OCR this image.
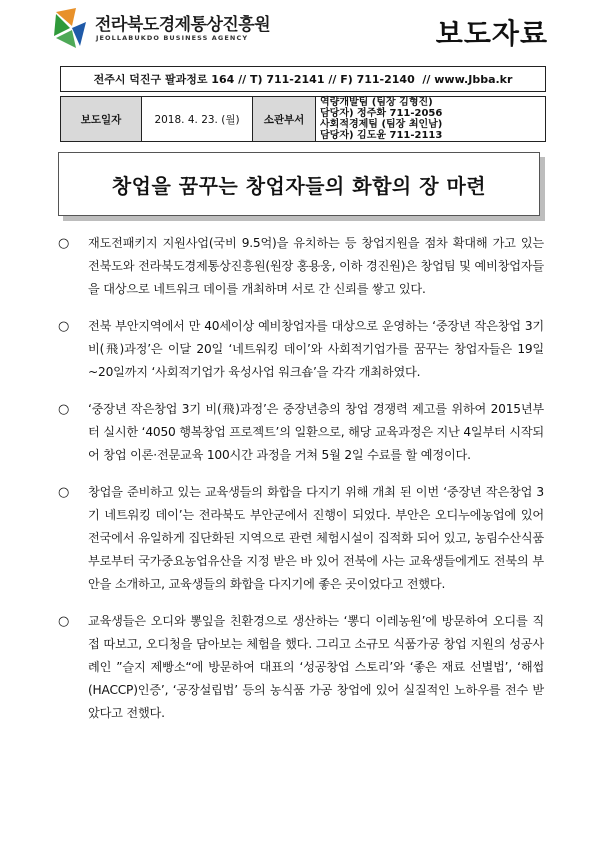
전라북도경제통상진흥원
JEOLLABUKDO BUSINESS AGENCY	보도자료
전주시 덕진구 팔과정로 164
// T) 711-2141
// F) 711-2140
// www.Jbba.kr
보도일자	2018. 4. 23. (월)	소관부서
역량개발팀 (팀장 김형진)
담당자) 정주화 711-2056
사회적경제팀 (팀장 최인남)
담당자) 김도윤 711-2113
창업을 꿈꾸는 창업자들의 화합의 장 마련
○	재도전패키지 지원사업(국비 9.5억)을 유치하는 등 창업지원을 점차 확대해 가고 있는 전북도와 전라북도경제통상진흥원(원장 홍용웅, 이하 경진원)은 창업팀 및 예비창업자들을 대상으로 네트워크 데이를 개최하며 서로 간 신뢰를 쌓고 있다.
○	전북 부안지역에서 만 40세이상 예비창업자를 대상으로 운영하는 ‘중장년 작은창업 3기 비(飛)과정’은 이달 20일 ‘네트워킹 데이’와 사회적기업가를 꿈꾸는 창업자들은 19일~20일까지 ‘사회적기업가 육성사업 워크숍’을 각각 개최하였다.
○	‘중장년 작은창업 3기 비(飛)과정’은 중장년층의 창업 경쟁력 제고를 위하여 2015년부터 실시한 ‘4050 행복창업 프로젝트’의 일환으로, 해당 교육과정은 지난 4일부터 시작되어 창업 이론·전문교육 100시간 과정을 거쳐 5월 2일 수료를 할 예정이다.
○	창업을 준비하고 있는 교육생들의 화합을 다지기 위해 개최 된 이번 ‘중장년 작은창업 3기 네트워킹 데이’는 전라북도 부안군에서 진행이 되었다. 부안은 오디누에농업에 있어 전국에서 유일하게 집단화된 지역으로 관련 체험시설이 집적화 되어 있고, 농림수산식품부로부터 국가중요농업유산을 지정 받은 바 있어 전북에 사는 교육생들에게도 전북의 부안을 소개하고, 교육생들의 화합을 다지기에 좋은 곳이었다고 전했다.
○	교육생들은 오디와 뽕잎을 친환경으로 생산하는 ‘뽕디 이레농원’에 방문하여 오디를 직접 따보고, 오디청을 담아보는 체험을 했다. 그리고 소규모 식품가공 창업 지원의 성공사례인 ”슬지 제빵소“에 방문하여 대표의 ‘성공창업 스토리’와 ‘좋은 재료 선별법’, ‘해썹(HACCP)인증’, ‘공장설립법’ 등의 농식품 가공 창업에 있어 실질적인 노하우를 전수 받았다고 전했다.
